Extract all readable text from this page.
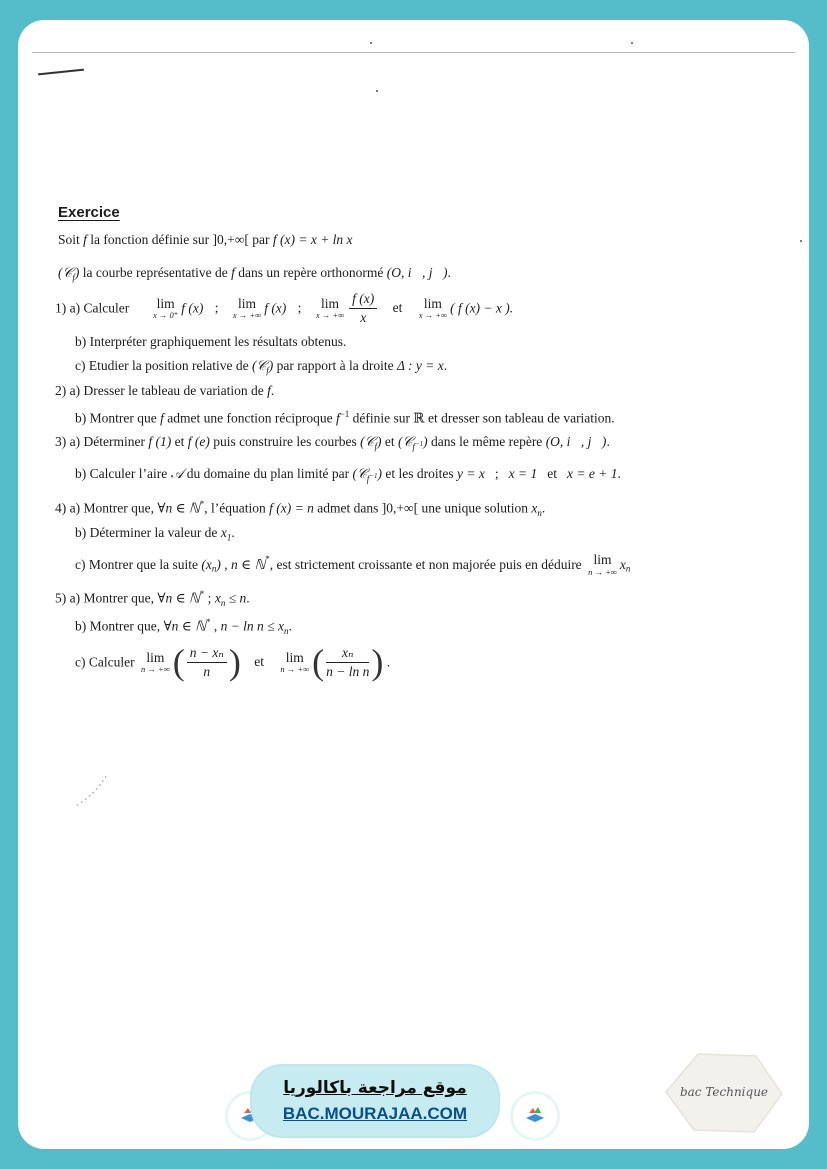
Exercice
Soit f la fonction définie sur ]0,+∞[ par f (x) = x + ln x
(𝒞$_f$) la courbe représentative de f dans un repère orthonormé (O, i⃗, j⃗).
1) a) Calculer lim
x → 0⁺ f (x) ;	lim
x → +∞ f (x) ;	lim
x → +∞ $\frac{f (x)}{x}$ et	lim
x → +∞ ( f (x) − x ).
b) Interpréter graphiquement les résultats obtenus.
c) Etudier la position relative de (𝒞$_f$) par rapport à la droite Δ : y = x.
2) a) Dresser le tableau de variation de f.
b) Montrer que f admet une fonction réciproque $f^{-1}$ définie sur ℝ et dresser son tableau de variation.
3) a) Déterminer f (1) et f (e) puis construire les courbes (𝒞$_f$) et (𝒞$_{f^{-1}}$) dans le même repère (O, i⃗, j⃗).
b) Calculer l’aire 𝒜 du domaine du plan limité par (𝒞$_{f^{-1}}$) et les droites y = x ; x = 1 et x = e + 1.
4) a) Montrer que, ∀n ∈ ℕ*, l’équation f (x) = n admet dans ]0,+∞[ une unique solution $x_n$.
b) Déterminer la valeur de $x_1$.
c) Montrer que la suite $(x_n)$ , n ∈ ℕ*, est strictement croissante et non majorée puis en déduire lim
n → +∞ $x_n$
5) a) Montrer que, ∀n ∈ ℕ* ; $x_n \le n$.
b) Montrer que, ∀n ∈ ℕ* , $n - \ln n \le x_n$.
c) Calculer lim
n → +∞ ( $\frac{\text{n − xₙ}}{n}$ ) et	lim
n → +∞ ( $\frac{\text{xₙ}}{\text{n − ln n}}$ ) .
موقع مراجعة باكالوريا
BAC.MOURAJAA.COM
bac Technique
